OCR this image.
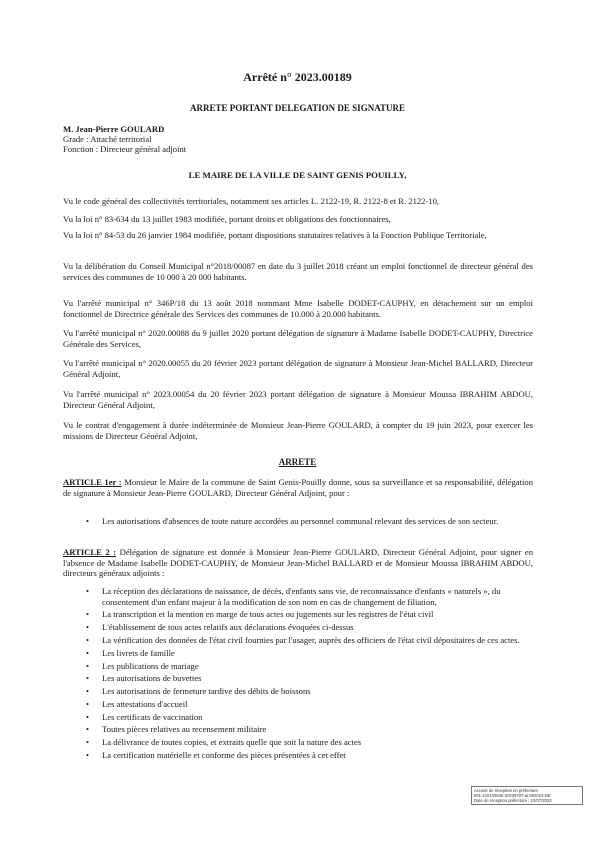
Arrêté n° 2023.00189
ARRETE PORTANT DELEGATION DE SIGNATURE
M. Jean-Pierre GOULARD
Grade : Attaché territorial
Fonction : Directeur général adjoint
LE MAIRE DE LA VILLE DE SAINT GENIS POUILLY,
Vu le code général des collectivités territoriales, notamment ses articles L. 2122-19, R. 2122-8 et R. 2122-10,
Vu la loi n° 83-634 du 13 juillet 1983 modifiée, portant droits et obligations des fonctionnaires,
Vu la loi n° 84-53 du 26 janvier 1984 modifiée, portant dispositions statutaires relatives à la Fonction Publique Territoriale,
Vu la délibération du Conseil Municipal n°2018/00087 en date du 3 juillet 2018 créant un emploi fonctionnel de directeur général des services des communes de 10 000 à 20 000 habitants.
Vu l'arrêté municipal n° 346P/18 du 13 août 2018 nommant Mme Isabelle DODET-CAUPHY, en détachement sur un emploi fonctionnel de Directrice générale des Services des communes de 10.000 à 20.000 habitants.
Vu l'arrêté municipal n° 2020.00088 du 9 juillet 2020 portant délégation de signature à Madame Isabelle DODET-CAUPHY, Directrice Générale des Services,
Vu l'arrêté municipal n° 2020.00055 du 20 février 2023 portant délégation de signature à Monsieur Jean-Michel BALLARD, Directeur Général Adjoint,
Vu l'arrêté municipal n° 2023.00054 du 20 février 2023 portant délégation de signature à Monsieur Moussa IBRAHIM ABDOU, Directeur Général Adjoint,
Vu le contrat d'engagement à durée indéterminée de Monsieur Jean-Pierre GOULARD, à compter du 19 juin 2023, pour exercer les missions de Directeur Général Adjoint,
ARRETE
ARTICLE 1er : Monsieur le Maire de la commune de Saint Genis-Pouilly donne, sous sa surveillance et sa responsabilité, délégation de signature à Monsieur Jean-Pierre GOULARD, Directeur Général Adjoint, pour :
•	Les autorisations d'absences de toute nature accordées au personnel communal relevant des services de son secteur.
ARTICLE 2 : Délégation de signature est donnée à Monsieur Jean-Pierre GOULARD, Directeur Général Adjoint, pour signer en l'absence de Madame Isabelle DODET-CAUPHY, de Monsieur Jean-Michel BALLARD et de Monsieur Moussa IBRAHIM ABDOU, directeurs généraux adjoints :
• La réception des déclarations de naissance, de décès, d'enfants sans vie, de reconnaissance d'enfants « naturels », du consentement d'un enfant majeur à la modification de son nom en cas de changement de filiation,
• La transcription et la mention en marge de tous actes ou jugements sur les registres de l'état civil
• L'établissement de tous actes relatifs aux déclarations évoquées ci-dessus
• La vérification des données de l'état civil fournies par l'usager, auprès des officiers de l'état civil dépositaires de ces actes.
• Les livrets de famille
• Les publications de mariage
• Les autorisations de buvettes
• Les autorisations de fermeture tardive des débits de boissons
• Les attestations d'accueil
• Les certificats de vaccination
• Toutes pièces relatives au recensement militaire
• La délivrance de toutes copies, et extraits quelle que soit la nature des actes
• La certification matérielle et conforme des pièces présentées à cet effet
Accusé de réception en préfecture
001-210103545-20230707-ar.892023-DE
Date de réception préfecture : 12/07/2023
